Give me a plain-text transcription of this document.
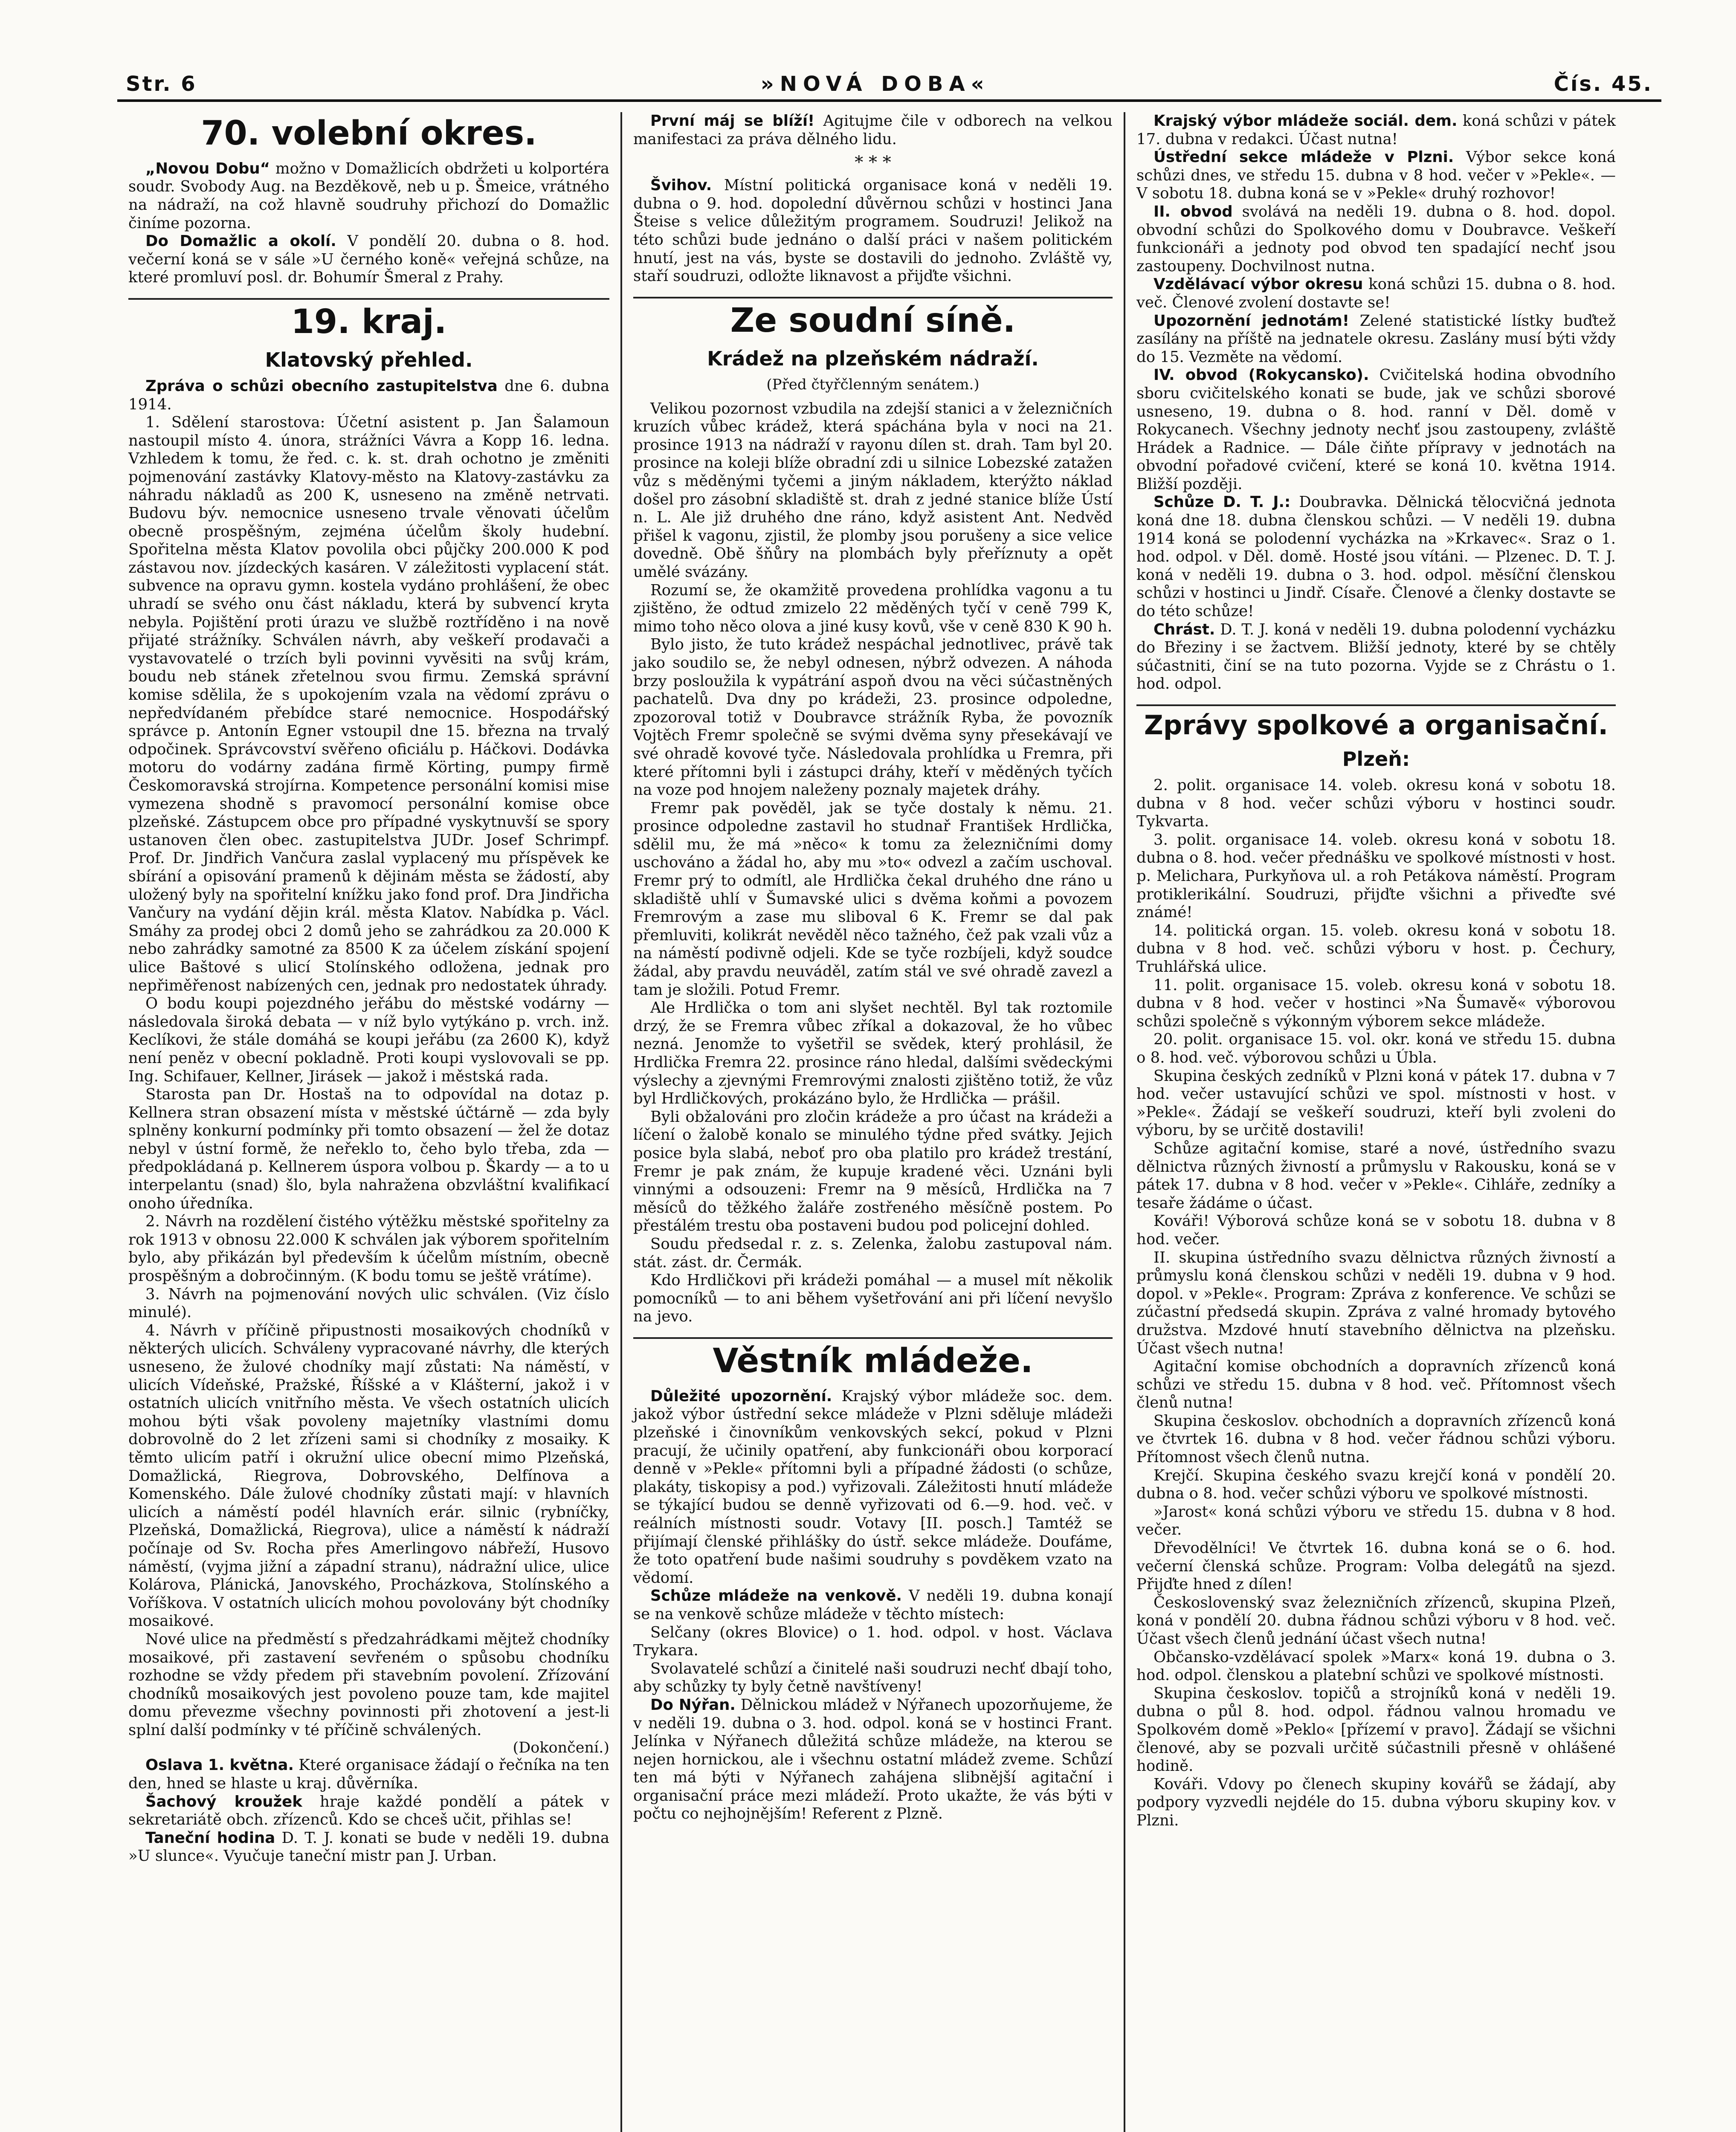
Str. 6	»NOVÁ DOBA«	Čís. 45.
70. volební okres.

„Novou Dobu“ možno v Domažlicích obdržeti u kolportéra soudr. Svobody Aug. na Bezděkově, neb u p. Šmeice, vrátného na nádraží, na což hlavně soudruhy přichozí do Domažlic činíme pozorna.

Do Domažlic a okolí. V pondělí 20. dubna o 8. hod. večerní koná se v sále »U černého koně« veřejná schůze, na které promluví posl. dr. Bohumír Šmeral z Prahy.

19. kraj.
Klatovský přehled.

Zpráva o schůzi obecního zastupitelstva dne 6. dubna 1914.

1. Sdělení starostova: Účetní asistent p. Jan Šalamoun nastoupil místo 4. února, strážníci Vávra a Kopp 16. ledna. Vzhledem k tomu, že řed. c. k. st. drah ochotno je změniti pojmenování zastávky Klatovy-město na Klatovy-zastávku za náhradu nákladů as 200 K, usneseno na změně netrvati. Budovu býv. nemocnice usneseno trvale věnovati účelům obecně prospěšným, zejména účelům školy hudební. Spořitelna města Klatov povolila obci půjčky 200.000 K pod zástavou nov. jízdeckých kasáren. V záležitosti vyplacení stát. subvence na opravu gymn. kostela vydáno prohlášení, že obec uhradí se svého onu část nákladu, která by subvencí kryta nebyla. Pojištění proti úrazu ve službě roztříděno i na nově přijaté strážníky. Schválen návrh, aby veškeří prodavači a vystavovatelé o trzích byli povinni vyvěsiti na svůj krám, boudu neb stánek zřetelnou svou firmu. Zemská správní komise sdělila, že s upokojením vzala na vědomí zprávu o nepředvídaném přebídce staré nemocnice. Hospodářský správce p. Antonín Egner vstoupil dne 15. března na trvalý odpočinek. Správcovství svěřeno oficiálu p. Háčkovi. Dodávka motoru do vodárny zadána firmě Körting, pumpy firmě Českomoravská strojírna. Kompetence personální komisi mise vymezena shodně s pravomocí personální komise obce plzeňské. Zástupcem obce pro případné vyskytnuvší se spory ustanoven člen obec. zastupitelstva JUDr. Josef Schrimpf. Prof. Dr. Jindřich Vančura zaslal vyplacený mu příspěvek ke sbírání a opisování pramenů k dějinám města se žádostí, aby uložený byly na spořitelní knížku jako fond prof. Dra Jindřicha Vančury na vydání dějin král. města Klatov. Nabídka p. Václ. Smáhy za prodej obci 2 domů jeho se zahrádkou za 20.000 K nebo zahrádky samotné za 8500 K za účelem získání spojení ulice Baštové s ulicí Stolínského odložena, jednak pro nepřiměřenost nabízených cen, jednak pro nedostatek úhrady.

O bodu koupi pojezdného jeřábu do městské vodárny — následovala široká debata — v níž bylo vytýkáno p. vrch. inž. Keclíkovi, že stále domáhá se koupi jeřábu (za 2600 K), když není peněz v obecní pokladně. Proti koupi vyslovovali se pp. Ing. Schifauer, Kellner, Jirásek — jakož i městská rada.

Starosta pan Dr. Hostaš na to odpovídal na dotaz p. Kellnera stran obsazení místa v městské účtárně — zda byly splněny konkurní podmínky při tomto obsazení — žel že dotaz nebyl v ústní formě, že neřeklo to, čeho bylo třeba, zda — předpokládaná p. Kellnerem úspora volbou p. Škardy — a to u interpelantu (snad) šlo, byla nahražena obzvláštní kvalifikací onoho úředníka.

2. Návrh na rozdělení čistého výtěžku městské spořitelny za rok 1913 v obnosu 22.000 K schválen jak výborem spořitelním bylo, aby přikázán byl především k účelům místním, obecně prospěšným a dobročinným. (K bodu tomu se ještě vrátíme).

3. Návrh na pojmenování nových ulic schválen. (Viz číslo minulé).

4. Návrh v příčině připustnosti mosaikových chodníků v některých ulicích. Schváleny vypracované návrhy, dle kterých usneseno, že žulové chodníky mají zůstati: Na náměstí, v ulicích Vídeňské, Pražské, Říšské a v Klášterní, jakož i v ostatních ulicích vnitřního města. Ve všech ostatních ulicích mohou býti však povoleny majetníky vlastními domu dobrovolně do 2 let zřízeni sami si chodníky z mosaiky. K těmto ulicím patří i okružní ulice obecní mimo Plzeňská, Domažlická, Riegrova, Dobrovského, Delfínova a Komenského. Dále žulové chodníky zůstati mají: v hlavních ulicích a náměstí podél hlavních erár. silnic (rybníčky, Plzeňská, Domažlická, Riegrova), ulice a náměstí k nádraží počínaje od Sv. Rocha přes Amerlingovo nábřeží, Husovo náměstí, (vyjma jižní a západní stranu), nádražní ulice, ulice Kolárova, Plánická, Janovského, Procházkova, Stolínského a Voříškova. V ostatních ulicích mohou povolovány být chodníky mosaikové.

Nové ulice na předměstí s předzahrádkami mějtež chodníky mosaikové, při zastavení sevřeném o spůsobu chodníku rozhodne se vždy předem při stavebním povolení. Zřízování chodníků mosaikových jest povoleno pouze tam, kde majitel domu převezme všechny povinnosti při zhotovení a jest-li splní další podmínky v té příčině schválených.

(Dokončení.)

Oslava 1. května. Které organisace žádají o řečníka na ten den, hned se hlaste u kraj. důvěrníka.

Šachový kroužek hraje každé pondělí a pátek v sekretariátě obch. zřízenců. Kdo se chceš učit, přihlas se!

Taneční hodina D. T. J. konati se bude v neděli 19. dubna »U slunce«. Vyučuje taneční mistr pan J. Urban.

První máj se blíží! Agitujme čile v odborech na velkou manifestaci za práva dělného lidu.

* * *

Švihov. Místní politická organisace koná v neděli 19. dubna o 9. hod. dopolední důvěrnou schůzi v hostinci Jana Šteise s velice důležitým programem. Soudruzi! Jelikož na této schůzi bude jednáno o další práci v našem politickém hnutí, jest na vás, byste se dostavili do jednoho. Zvláště vy, staří soudruzi, odložte liknavost a přijďte všichni.

Ze soudní síně.
Krádež na plzeňském nádraží.
(Před čtyřčlenným senátem.)

Velikou pozornost vzbudila na zdejší stanici a v železničních kruzích vůbec krádež, která spáchána byla v noci na 21. prosince 1913 na nádraží v rayonu dílen st. drah. Tam byl 20. prosince na koleji blíže obradní zdi u silnice Lobezské zatažen vůz s měděnými tyčemi a jiným nákladem, kterýžto náklad došel pro zásobní skladiště st. drah z jedné stanice blíže Ústí n. L. Ale již druhého dne ráno, když asistent Ant. Nedvěd přišel k vagonu, zjistil, že plomby jsou porušeny a sice velice dovedně. Obě šňůry na plombách byly přeříznuty a opět umělé svázány.

Rozumí se, že okamžitě provedena prohlídka vagonu a tu zjištěno, že odtud zmizelo 22 měděných tyčí v ceně 799 K, mimo toho něco olova a jiné kusy kovů, vše v ceně 830 K 90 h.

Bylo jisto, že tuto krádež nespáchal jednotlivec, právě tak jako soudilo se, že nebyl odnesen, nýbrž odvezen. A náhoda brzy posloužila k vypátrání aspoň dvou na věci súčastněných pachatelů. Dva dny po krádeži, 23. prosince odpoledne, zpozoroval totiž v Doubravce strážník Ryba, že povozník Vojtěch Fremr společně se svými dvěma syny přesekávají ve své ohradě kovové tyče. Následovala prohlídka u Fremra, při které přítomni byli i zástupci dráhy, kteří v měděných tyčích na voze pod hnojem naleženy poznaly majetek dráhy.

Fremr pak pověděl, jak se tyče dostaly k němu. 21. prosince odpoledne zastavil ho studnař František Hrdlička, sdělil mu, že má »něco« k tomu za železničními domy uschováno a žádal ho, aby mu »to« odvezl a začím uschoval. Fremr prý to odmítl, ale Hrdlička čekal druhého dne ráno u skladiště uhlí v Šumavské ulici s dvěma koňmi a povozem Fremrovým a zase mu sliboval 6 K. Fremr se dal pak přemluviti, kolikrát nevěděl něco tažného, čež pak vzali vůz a na náměstí podivně odjeli. Kde se tyče rozbíjeli, když soudce žádal, aby pravdu neuváděl, zatím stál ve své ohradě zavezl a tam je složili. Potud Fremr.

Ale Hrdlička o tom ani slyšet nechtěl. Byl tak roztomile drzý, že se Fremra vůbec zříkal a dokazoval, že ho vůbec nezná. Jenomže to vyšetřil se svědek, který prohlásil, že Hrdlička Fremra 22. prosince ráno hledal, dalšími svědeckými výslechy a zjevnými Fremrovými znalosti zjištěno totiž, že vůz byl Hrdličkových, prokázáno bylo, že Hrdlička — prášil.

Byli obžalováni pro zločin krádeže a pro účast na krádeži a líčení o žalobě konalo se minulého týdne před svátky. Jejich posice byla slabá, neboť pro oba platilo pro krádež trestání, Fremr je pak znám, že kupuje kradené věci. Uznáni byli vinnými a odsouzeni: Fremr na 9 měsíců, Hrdlička na 7 měsíců do těžkého žaláře zostřeného měsíčně postem. Po přestálém trestu oba postaveni budou pod policejní dohled.

Soudu předsedal r. z. s. Zelenka, žalobu zastupoval nám. stát. zást. dr. Čermák.

Kdo Hrdličkovi při krádeži pomáhal — a musel mít několik pomocníků — to ani během vyšetřování ani při líčení nevyšlo na jevo.

Věstník mládeže.

Důležité upozornění. Krajský výbor mládeže soc. dem. jakož výbor ústřední sekce mládeže v Plzni sděluje mládeži plzeňské i činovníkům venkovských sekcí, pokud v Plzni pracují, že učinily opatření, aby funkcionáři obou korporací denně v »Pekle« přítomni byli a případné žádosti (o schůze, plakáty, tiskopisy a pod.) vyřizovali. Záležitosti hnutí mládeže se týkající budou se denně vyřizovati od 6.—9. hod. več. v reálních místnosti soudr. Votavy [II. posch.] Tamtéž se přijímají členské přihlášky do ústř. sekce mládeže. Doufáme, že toto opatření bude našimi soudruhy s povděkem vzato na vědomí.

Schůze mládeže na venkově. V neděli 19. dubna konají se na venkově schůze mládeže v těchto místech:

Selčany (okres Blovice) o 1. hod. odpol. v host. Václava Trykara.

Svolavatelé schůzí a činitelé naši soudruzi nechť dbají toho, aby schůzky ty byly četně navštíveny!

Do Nýřan. Dělnickou mládež v Nýřanech upozorňujeme, že v neděli 19. dubna o 3. hod. odpol. koná se v hostinci Frant. Jelínka v Nýřanech důležitá schůze mládeže, na kterou se nejen hornickou, ale i všechnu ostatní mládež zveme. Schůzí ten má býti v Nýřanech zahájena slibnější agitační i organisační práce mezi mládeží. Proto ukažte, že vás býti v počtu co nejhojnějším! Referent z Plzně.

Krajský výbor mládeže sociál. dem. koná schůzi v pátek 17. dubna v redakci. Účast nutna!

Ústřední sekce mládeže v Plzni. Výbor sekce koná schůzi dnes, ve středu 15. dubna v 8 hod. večer v »Pekle«. — V sobotu 18. dubna koná se v »Pekle« druhý rozhovor!

II. obvod svolává na neděli 19. dubna o 8. hod. dopol. obvodní schůzi do Spolkového domu v Doubravce. Veškeří funkcionáři a jednoty pod obvod ten spadající nechť jsou zastoupeny. Dochvilnost nutna.

Vzdělávací výbor okresu koná schůzi 15. dubna o 8. hod. več. Členové zvolení dostavte se!

Upozornění jednotám! Zelené statistické lístky buďtež zasílány na příště na jednatele okresu. Zaslány musí býti vždy do 15. Vezměte na vědomí.

IV. obvod (Rokycansko). Cvičitelská hodina obvodního sboru cvičitelského konati se bude, jak ve schůzi sborové usneseno, 19. dubna o 8. hod. ranní v Děl. domě v Rokycanech. Všechny jednoty nechť jsou zastoupeny, zvláště Hrádek a Radnice. — Dále čiňte přípravy v jednotách na obvodní pořadové cvičení, které se koná 10. května 1914. Bližší později.

Schůze D. T. J.: Doubravka. Dělnická tělocvičná jednota koná dne 18. dubna členskou schůzi. — V neděli 19. dubna 1914 koná se polodenní vycházka na »Krkavec«. Sraz o 1. hod. odpol. v Děl. domě. Hosté jsou vítáni. — Plzenec. D. T. J. koná v neděli 19. dubna o 3. hod. odpol. měsíční členskou schůzi v hostinci u Jindř. Císaře. Členové a členky dostavte se do této schůze!

Chrást. D. T. J. koná v neděli 19. dubna polodenní vycházku do Březiny i se žactvem. Bližší jednoty, které by se chtěly súčastniti, činí se na tuto pozorna. Vyjde se z Chrástu o 1. hod. odpol.

Zprávy spolkové a organisační.
Plzeň:

2. polit. organisace 14. voleb. okresu koná v sobotu 18. dubna v 8 hod. večer schůzi výboru v hostinci soudr. Tykvarta.

3. polit. organisace 14. voleb. okresu koná v sobotu 18. dubna o 8. hod. večer přednášku ve spolkové místnosti v host. p. Melichara, Purkyňova ul. a roh Petákova náměstí. Program protiklerikální. Soudruzi, přijďte všichni a přiveďte své známé!

14. politická organ. 15. voleb. okresu koná v sobotu 18. dubna v 8 hod. več. schůzi výboru v host. p. Čechury, Truhlářská ulice.

11. polit. organisace 15. voleb. okresu koná v sobotu 18. dubna v 8 hod. večer v hostinci »Na Šumavě« výborovou schůzi společně s výkonným výborem sekce mládeže.

20. polit. organisace 15. vol. okr. koná ve středu 15. dubna o 8. hod. več. výborovou schůzi u Úbla.

Skupina českých zedníků v Plzni koná v pátek 17. dubna v 7 hod. večer ustavující schůzi ve spol. místnosti v host. v »Pekle«. Žádají se veškeří soudruzi, kteří byli zvoleni do výboru, by se určitě dostavili!

Schůze agitační komise, staré a nové, ústředního svazu dělnictva různých živností a průmyslu v Rakousku, koná se v pátek 17. dubna v 8 hod. večer v »Pekle«. Cihláře, zedníky a tesaře žádáme o účast.

Kováři! Výborová schůze koná se v sobotu 18. dubna v 8 hod. večer.

II. skupina ústředního svazu dělnictva různých živností a průmyslu koná členskou schůzi v neděli 19. dubna v 9 hod. dopol. v »Pekle«. Program: Zpráva z konference. Ve schůzi se zúčastní předsedá skupin. Zpráva z valné hromady bytového družstva. Mzdové hnutí stavebního dělnictva na plzeňsku. Účast všech nutna!

Agitační komise obchodních a dopravních zřízenců koná schůzi ve středu 15. dubna v 8 hod. več. Přítomnost všech členů nutna!

Skupina českoslov. obchodních a dopravních zřízenců koná ve čtvrtek 16. dubna v 8 hod. večer řádnou schůzi výboru. Přítomnost všech členů nutna.

Krejčí. Skupina českého svazu krejčí koná v pondělí 20. dubna o 8. hod. večer schůzi výboru ve spolkové místnosti.

»Jarost« koná schůzi výboru ve středu 15. dubna v 8 hod. večer.

Dřevodělníci! Ve čtvrtek 16. dubna koná se o 6. hod. večerní členská schůze. Program: Volba delegátů na sjezd. Přijďte hned z dílen!

Československý svaz železničních zřízenců, skupina Plzeň, koná v pondělí 20. dubna řádnou schůzi výboru v 8 hod. več. Účast všech členů jednání účast všech nutna!

Občansko-vzdělávací spolek »Marx« koná 19. dubna o 3. hod. odpol. členskou a platební schůzi ve spolkové místnosti.

Skupina českoslov. topičů a strojníků koná v neděli 19. dubna o půl 8. hod. odpol. řádnou valnou hromadu ve Spolkovém domě »Peklo« [přízemí v pravo]. Žádají se všichni členové, aby se pozvali určitě súčastnili přesně v ohlášené hodině.

Kováři. Vdovy po členech skupiny kovářů se žádají, aby podpory vyzvedli nejdéle do 15. dubna výboru skupiny kov. v Plzni.
